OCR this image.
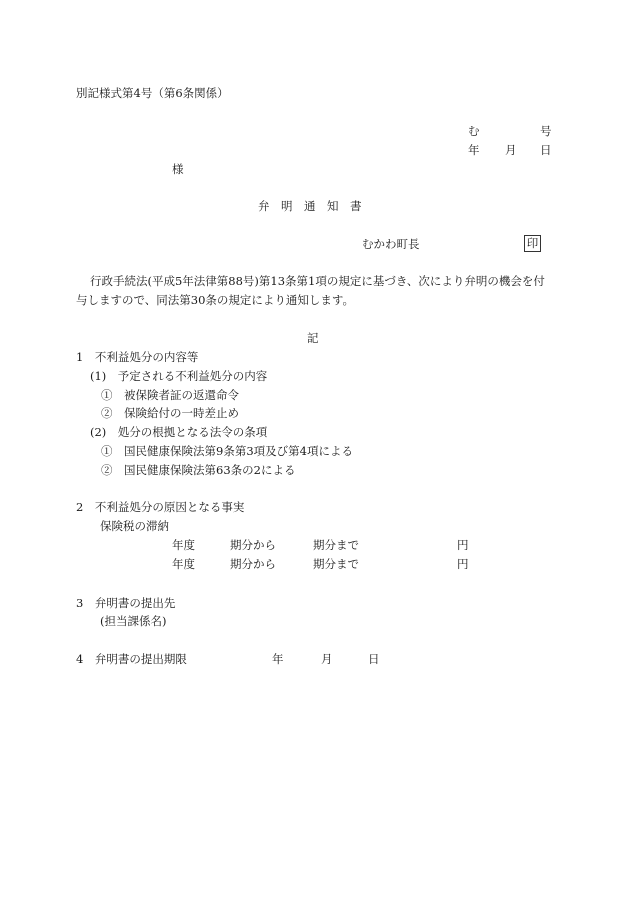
別記様式第4号（第6条関係）
む	号
年 月 日
様
弁　明　通　知　書
むかわ町長	印
行政手続法(平成5年法律第88号)第13条第1項の規定に基づき、次により弁明の機会を付
与しますので、同法第30条の規定により通知します。
記
1　不利益処分の内容等
(1)　予定される不利益処分の内容
①　被保険者証の返還命令
②　保険給付の一時差止め
(2)　処分の根拠となる法令の条項
①　国民健康保険法第9条第3項及び第4項による
②　国民健康保険法第63条の2による
2　不利益処分の原因となる事実
保険税の滞納
年度	期分から	期分まで	円
年度	期分から	期分まで	円
3　弁明書の提出先
(担当課係名)
4　弁明書の提出期限	年	月	日
